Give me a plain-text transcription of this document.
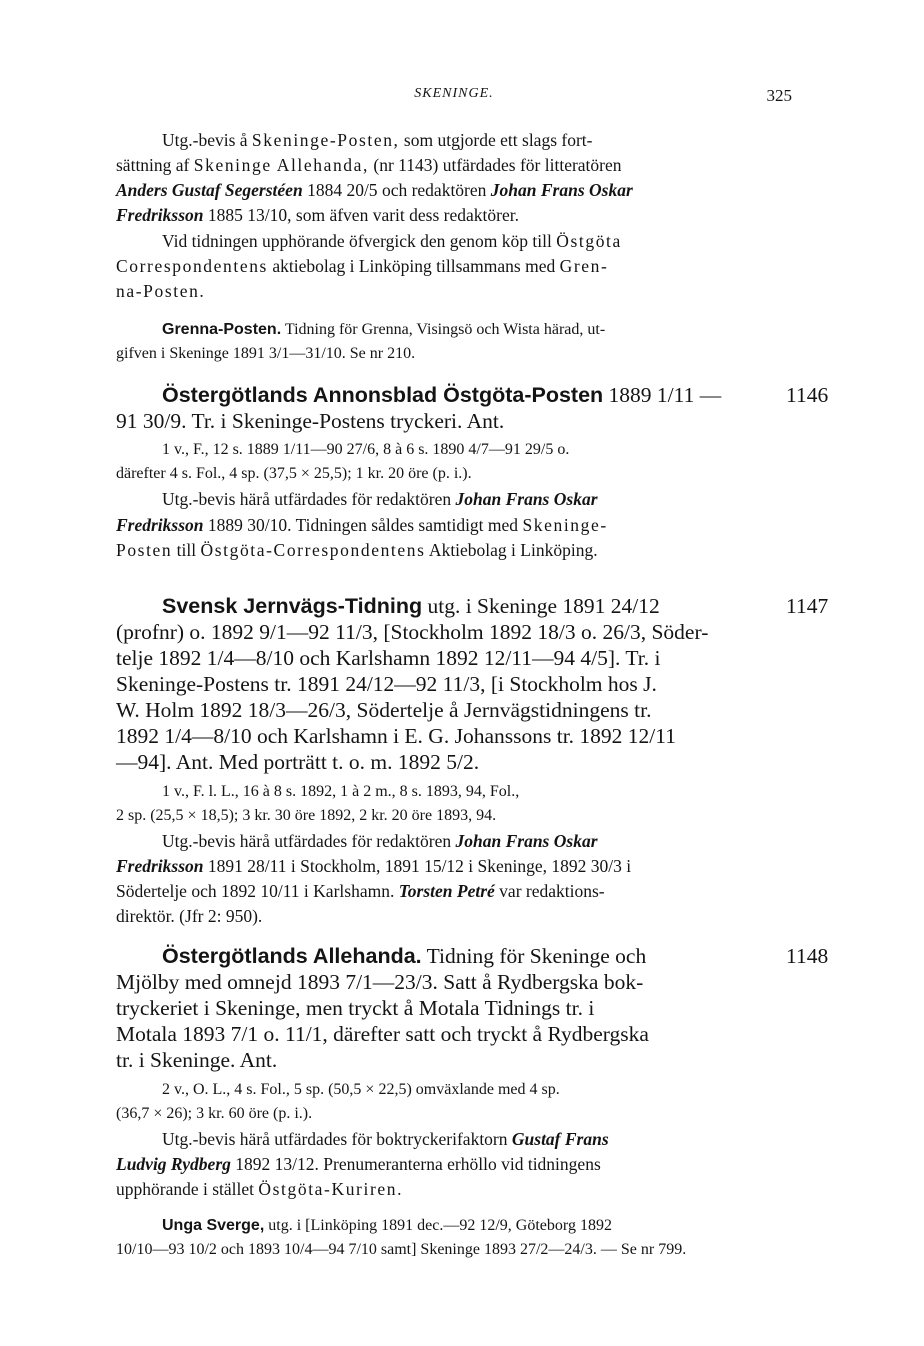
SKENINGE.	325
Utg.-bevis å Skeninge-Posten, som utgjorde ett slags fort-
sättning af Skeninge Allehanda, (nr 1143) utfärdades för litteratören
Anders Gustaf Segerstéen 1884 20/5 och redaktören Johan Frans Oskar
Fredriksson 1885 13/10, som äfven varit dess redaktörer.
Vid tidningen upphörande öfvergick den genom köp till Östgöta
Correspondentens aktiebolag i Linköping tillsammans med Gren-
na-Posten.
Grenna-Posten. Tidning för Grenna, Visingsö och Wista härad, ut-
gifven i Skeninge 1891 3/1—31/10. Se nr 210.
Östergötlands Annonsblad Östgöta-Posten 1889 1/11 —	1146
91 30/9. Tr. i Skeninge-Postens tryckeri. Ant.
1 v., F., 12 s. 1889 1/11—90 27/6, 8 à 6 s. 1890 4/7—91 29/5 o.
därefter 4 s. Fol., 4 sp. (37,5 × 25,5); 1 kr. 20 öre (p. i.).
Utg.-bevis härå utfärdades för redaktören Johan Frans Oskar
Fredriksson 1889 30/10. Tidningen såldes samtidigt med Skeninge-
Posten till Östgöta-Correspondentens Aktiebolag i Linköping.
Svensk Jernvägs-Tidning utg. i Skeninge 1891 24/12	1147
(profnr) o. 1892 9/1—92 11/3, [Stockholm 1892 18/3 o. 26/3, Söder-
telje 1892 1/4—8/10 och Karlshamn 1892 12/11—94 4/5]. Tr. i
Skeninge-Postens tr. 1891 24/12—92 11/3, [i Stockholm hos J.
W. Holm 1892 18/3—26/3, Södertelje å Jernvägstidningens tr.
1892 1/4—8/10 och Karlshamn i E. G. Johanssons tr. 1892 12/11
—94]. Ant. Med porträtt t. o. m. 1892 5/2.
1 v., F. l. L., 16 à 8 s. 1892, 1 à 2 m., 8 s. 1893, 94, Fol.,
2 sp. (25,5 × 18,5); 3 kr. 30 öre 1892, 2 kr. 20 öre 1893, 94.
Utg.-bevis härå utfärdades för redaktören Johan Frans Oskar
Fredriksson 1891 28/11 i Stockholm, 1891 15/12 i Skeninge, 1892 30/3 i
Södertelje och 1892 10/11 i Karlshamn. Torsten Petré var redaktions-
direktör. (Jfr 2: 950).
Östergötlands Allehanda. Tidning för Skeninge och	1148
Mjölby med omnejd 1893 7/1—23/3. Satt å Rydbergska bok-
tryckeriet i Skeninge, men tryckt å Motala Tidnings tr. i
Motala 1893 7/1 o. 11/1, därefter satt och tryckt å Rydbergska
tr. i Skeninge. Ant.
2 v., O. L., 4 s. Fol., 5 sp. (50,5 × 22,5) omväxlande med 4 sp.
(36,7 × 26); 3 kr. 60 öre (p. i.).
Utg.-bevis härå utfärdades för boktryckerifaktorn Gustaf Frans
Ludvig Rydberg 1892 13/12. Prenumeranterna erhöllo vid tidningens
upphörande i stället Östgöta-Kuriren.
Unga Sverge, utg. i [Linköping 1891 dec.—92 12/9, Göteborg 1892
10/10—93 10/2 och 1893 10/4—94 7/10 samt] Skeninge 1893 27/2—24/3. — Se nr 799.
